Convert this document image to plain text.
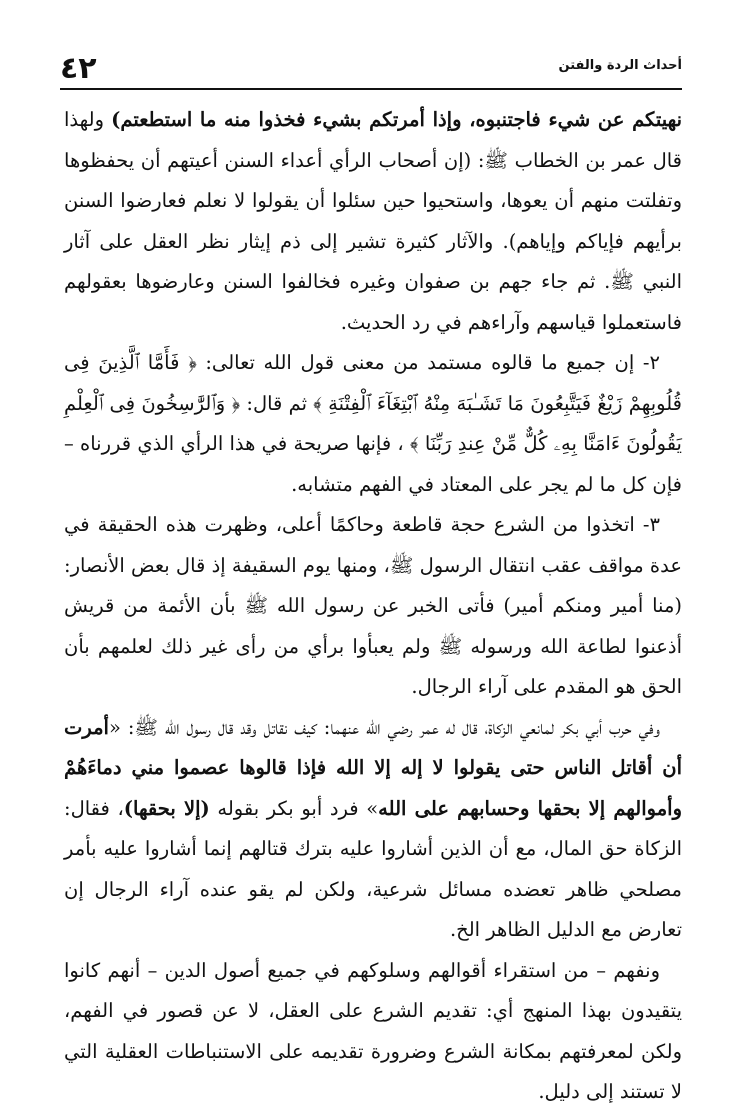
٤٢	أحداث الردة والفتن

نهيتكم عن شيء فاجتنبوه، وإذا أمرتكم بشيء فخذوا منه ما استطعتم) ولهذا قال عمر بن الخطاب ﷺ: (إن أصحاب الرأي أعداء السنن أعيتهم أن يحفظوها وتفلتت منهم أن يعوها، واستحيوا حين سئلوا أن يقولوا لا نعلم فعارضوا السنن برأيهم فإياكم وإياهم). والآثار كثيرة تشير إلى ذم إيثار نظر العقل على آثار النبي ﷺ. ثم جاء جهم بن صفوان وغيره فخالفوا السنن وعارضوها بعقولهم فاستعملوا قياسهم وآراءهم في رد الحديث.

٢- إن جميع ما قالوه مستمد من معنى قول الله تعالى: ﴿ فَأَمَّا ٱلَّذِينَ فِى قُلُوبِهِمْ زَيْغٌ فَيَتَّبِعُونَ مَا تَشَـٰبَهَ مِنْهُ ٱبْتِغَآءَ ٱلْفِتْنَةِ ﴾ ثم قال: ﴿ وَٱلرَّٰسِخُونَ فِى ٱلْعِلْمِ يَقُولُونَ ءَامَنَّا بِهِۦ كُلٌّ مِّنْ عِندِ رَبِّنَا ﴾ ، فإنها صريحة في هذا الرأي الذي قررناه –فإن كل ما لم يجر على المعتاد في الفهم متشابه.

٣- اتخذوا من الشرع حجة قاطعة وحاكمًا أعلى، وظهرت هذه الحقيقة في عدة مواقف عقب انتقال الرسول ﷺ، ومنها يوم السقيفة إذ قال بعض الأنصار: (منا أمير ومنكم أمير) فأتى الخبر عن رسول الله ﷺ بأن الأئمة من قريش أذعنوا لطاعة الله ورسوله ﷺ ولم يعبأوا برأي من رأى غير ذلك لعلمهم بأن الحق هو المقدم على آراء الرجال.

وفي حرب أبي بكر لمانعي الزكاة، قال له عمر رضي الله عنهما: كيف نقاتل وقد قال رسول الله ﷺ: «أمرت أن أقاتل الناس حتى يقولوا لا إله إلا الله فإذا قالوها عصموا مني دماءَهُمْ وأموالهم إلا بحقها وحسابهم على الله» فرد أبو بكر بقوله (إلا بحقها)، فقال: الزكاة حق المال، مع أن الذين أشاروا عليه بترك قتالهم إنما أشاروا عليه بأمر مصلحي ظاهر تعضده مسائل شرعية، ولكن لم يقو عنده آراء الرجال إن تعارض مع الدليل الظاهر الخ.

ونفهم – من استقراء أقوالهم وسلوكهم في جميع أصول الدين – أنهم كانوا يتقيدون بهذا المنهج أي: تقديم الشرع على العقل، لا عن قصور في الفهم، ولكن لمعرفتهم بمكانة الشرع وضرورة تقديمه على الاستنباطات العقلية التي لا تستند إلى دليل.
